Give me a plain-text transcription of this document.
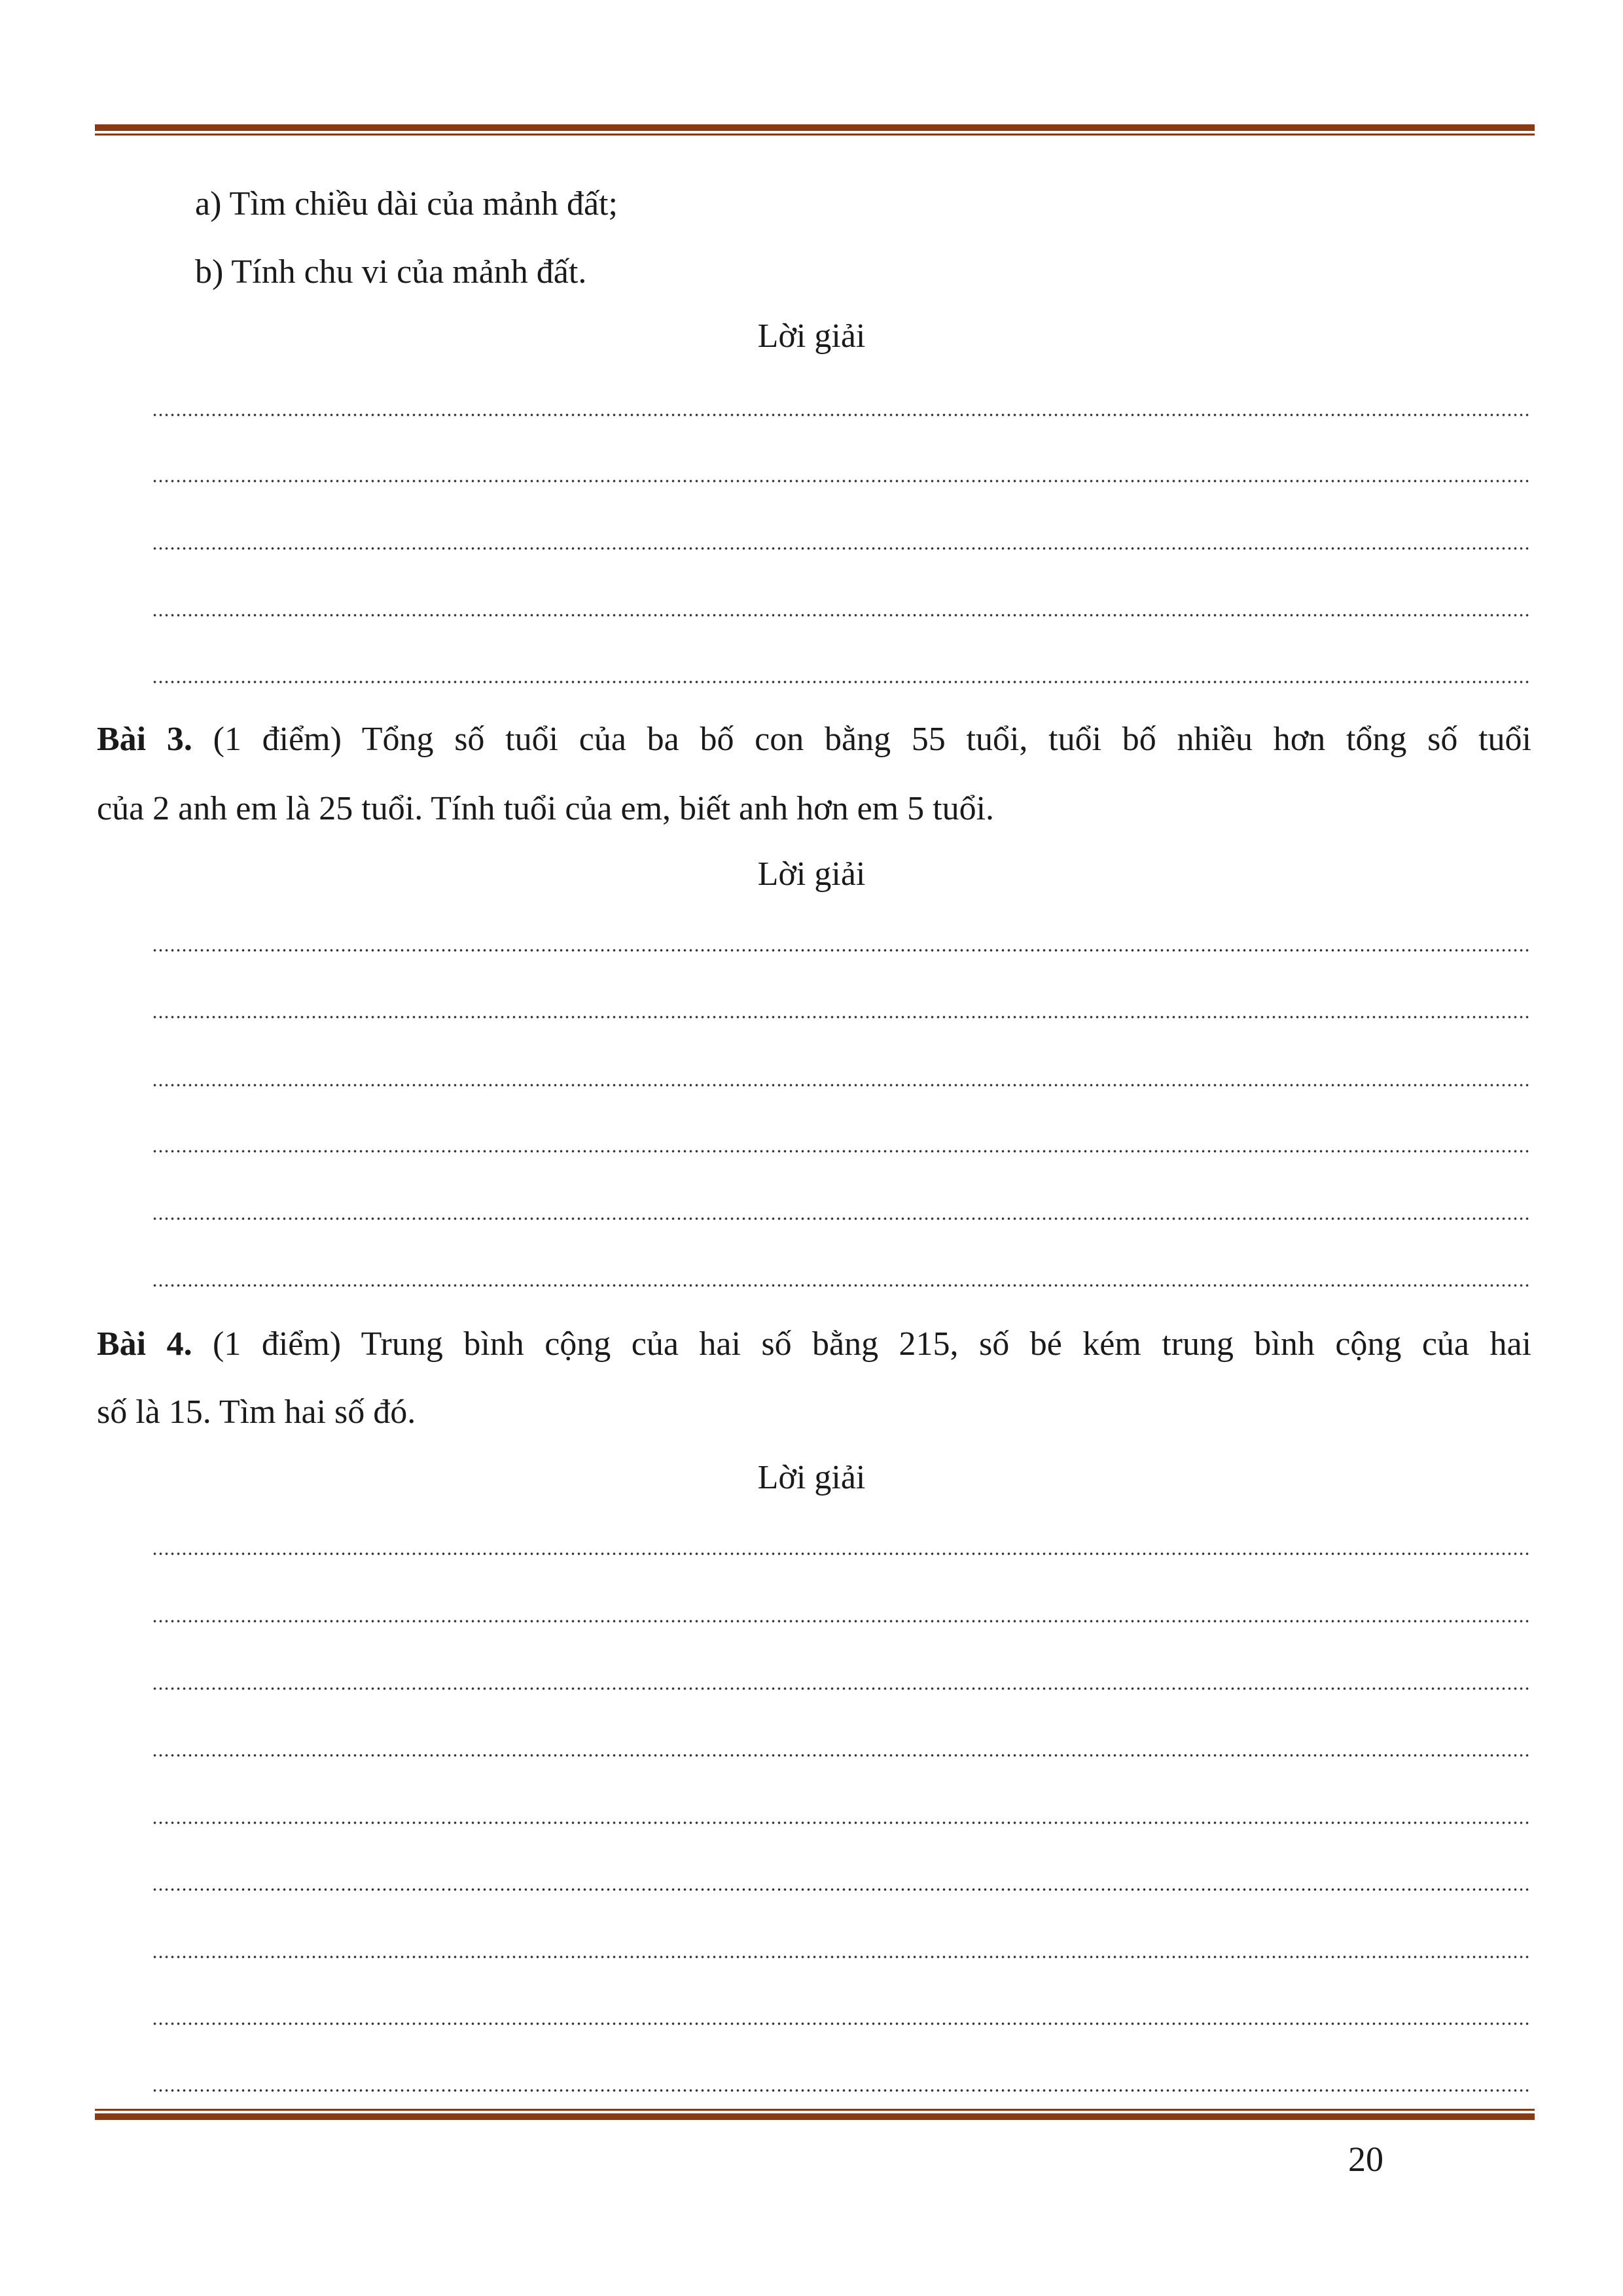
a) Tìm chiều dài của mảnh đất;
b) Tính chu vi của mảnh đất.
Lời giải
Bài 3. (1 điểm) Tổng số tuổi của ba bố con bằng 55 tuổi, tuổi bố nhiều hơn tổng số tuổi
của 2 anh em là 25 tuổi. Tính tuổi của em, biết anh hơn em 5 tuổi.
Lời giải
Bài 4. (1 điểm) Trung bình cộng của hai số bằng 215, số bé kém trung bình cộng của hai
số là 15. Tìm hai số đó.
Lời giải
20
